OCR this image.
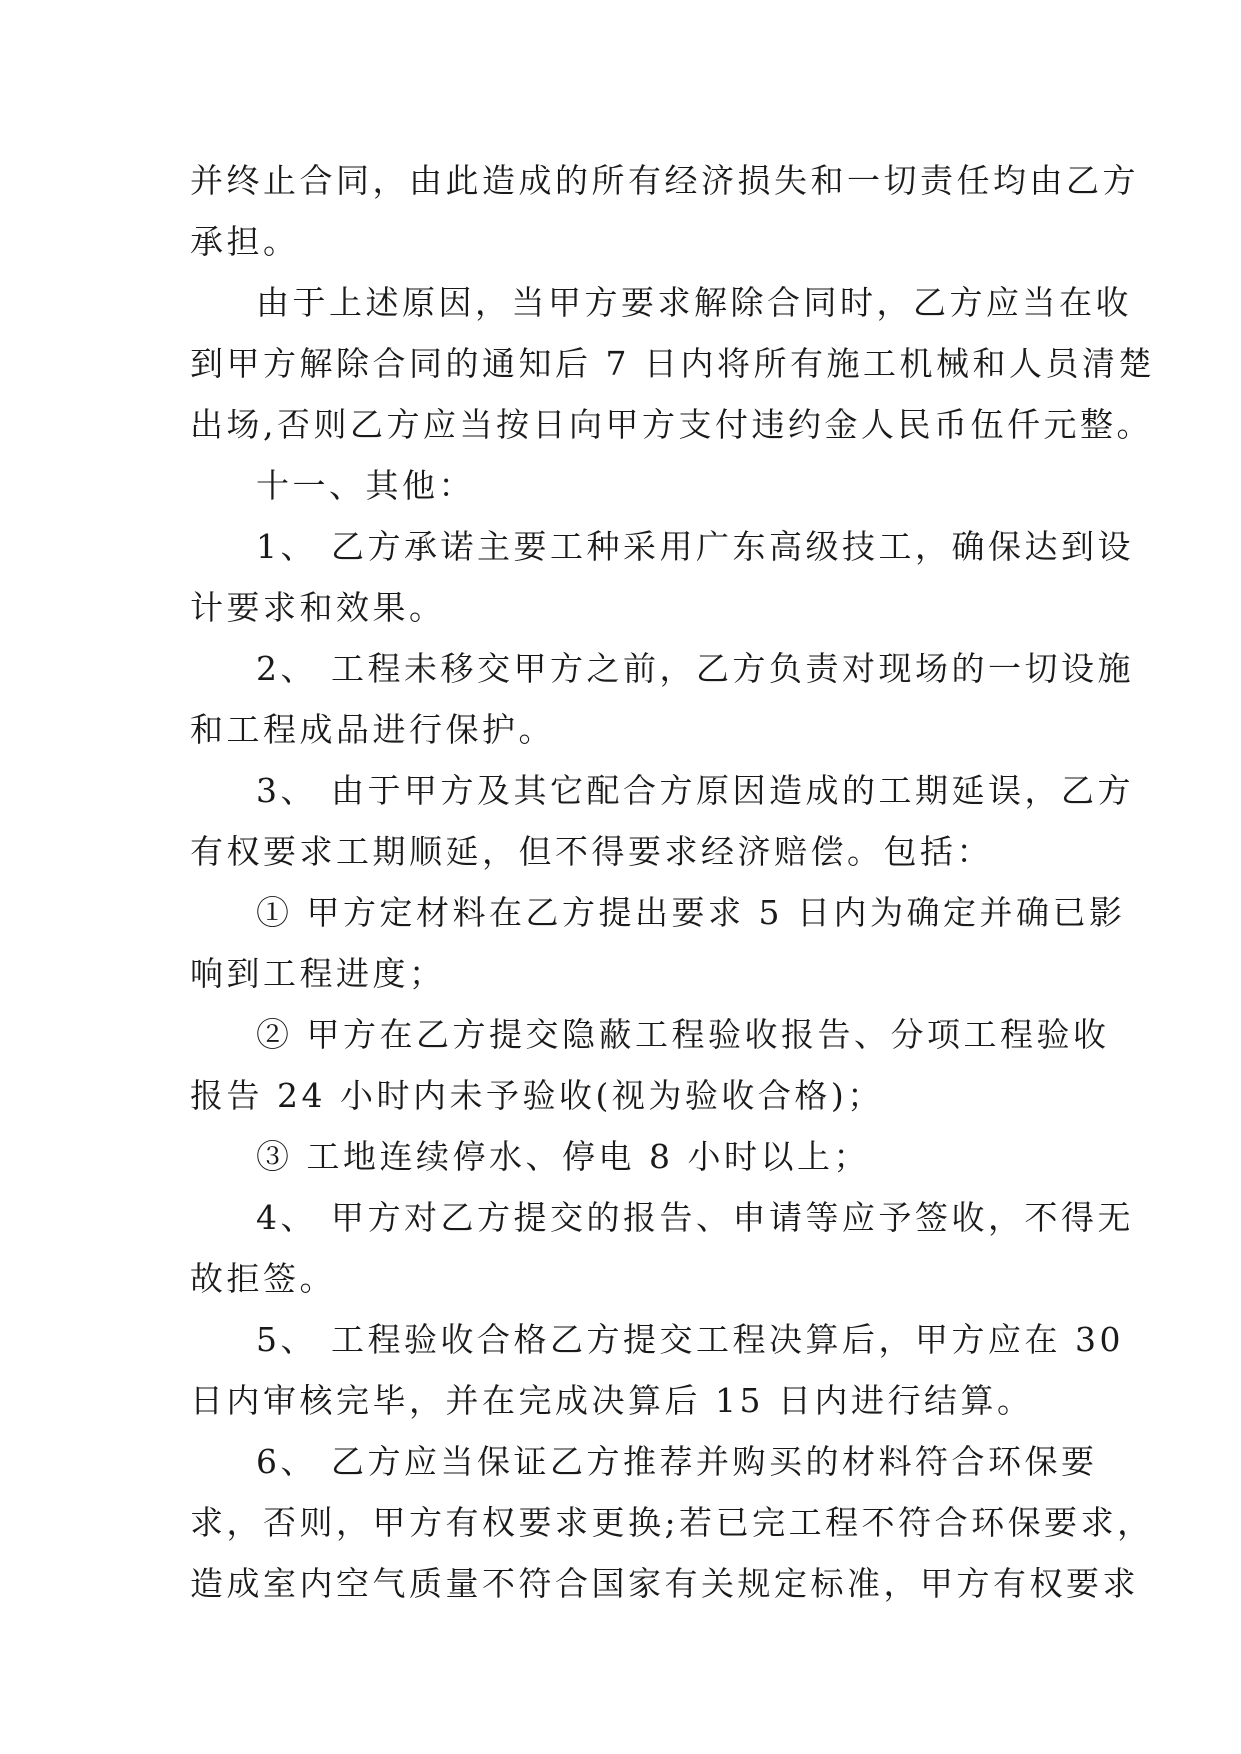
并终止合同，由此造成的所有经济损失和一切责任均由乙方
承担。

由于上述原因，当甲方要求解除合同时，乙方应当在收
到甲方解除合同的通知后 7 日内将所有施工机械和人员清楚
出场,否则乙方应当按日向甲方支付违约金人民币伍仟元整。

十一、其他：

1、 乙方承诺主要工种采用广东高级技工，确保达到设
计要求和效果。

2、 工程未移交甲方之前，乙方负责对现场的一切设施
和工程成品进行保护。

3、 由于甲方及其它配合方原因造成的工期延误，乙方
有权要求工期顺延，但不得要求经济赔偿。包括：

① 甲方定材料在乙方提出要求 5 日内为确定并确已影
响到工程进度；

② 甲方在乙方提交隐蔽工程验收报告、分项工程验收
报告 24 小时内未予验收(视为验收合格)；

③ 工地连续停水、停电 8 小时以上；

4、 甲方对乙方提交的报告、申请等应予签收，不得无
故拒签。

5、 工程验收合格乙方提交工程决算后，甲方应在 30
日内审核完毕，并在完成决算后 15 日内进行结算。

6、 乙方应当保证乙方推荐并购买的材料符合环保要
求，否则，甲方有权要求更换;若已完工程不符合环保要求，
造成室内空气质量不符合国家有关规定标准，甲方有权要求
